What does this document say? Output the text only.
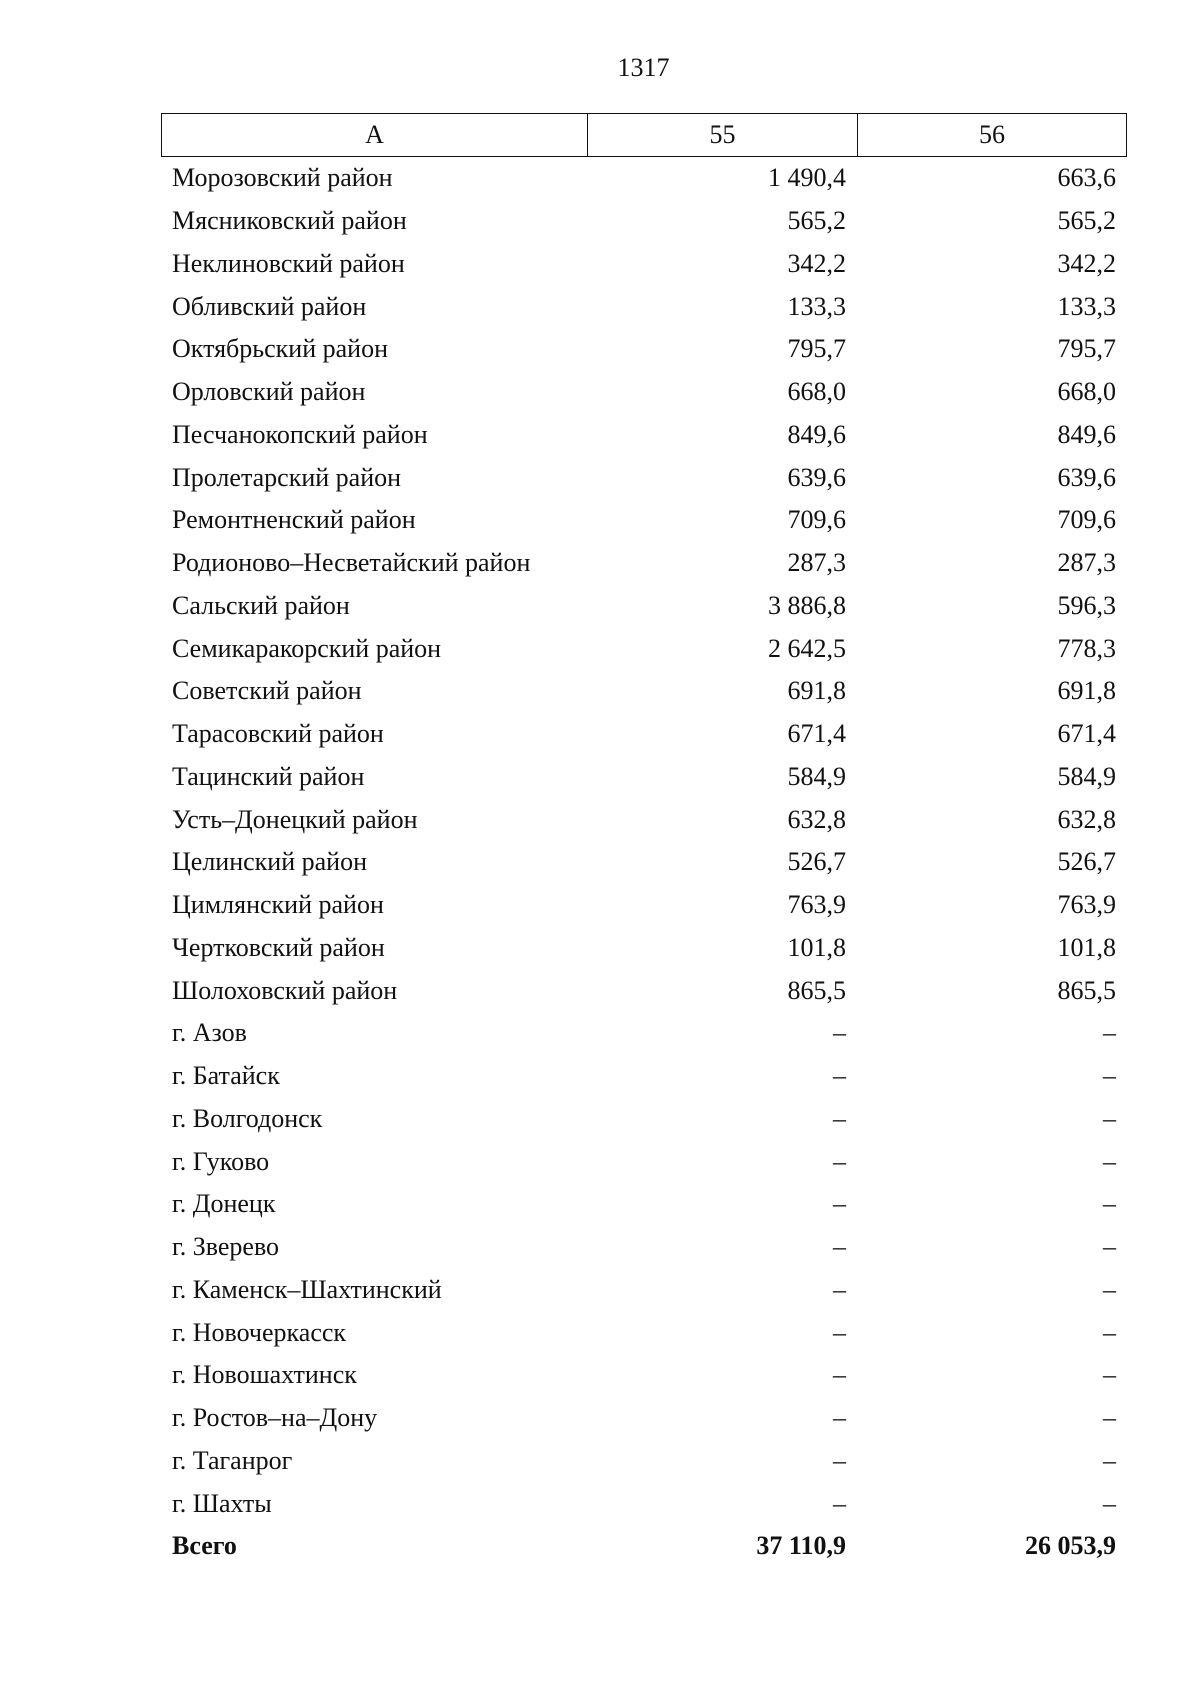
1317
А	55	56
Морозовский район	1 490,4	663,6
Мясниковский район	565,2	565,2
Неклиновский район	342,2	342,2
Обливский район	133,3	133,3
Октябрьский район	795,7	795,7
Орловский район	668,0	668,0
Песчанокопский район	849,6	849,6
Пролетарский район	639,6	639,6
Ремонтненский район	709,6	709,6
Родионово–Несветайский район	287,3	287,3
Сальский район	3 886,8	596,3
Семикаракорский район	2 642,5	778,3
Советский район	691,8	691,8
Тарасовский район	671,4	671,4
Тацинский район	584,9	584,9
Усть–Донецкий район	632,8	632,8
Целинский район	526,7	526,7
Цимлянский район	763,9	763,9
Чертковский район	101,8	101,8
Шолоховский район	865,5	865,5
г. Азов	–	–
г. Батайск	–	–
г. Волгодонск	–	–
г. Гуково	–	–
г. Донецк	–	–
г. Зверево	–	–
г. Каменск–Шахтинский	–	–
г. Новочеркасск	–	–
г. Новошахтинск	–	–
г. Ростов–на–Дону	–	–
г. Таганрог	–	–
г. Шахты	–	–
Всего	37 110,9	26 053,9
